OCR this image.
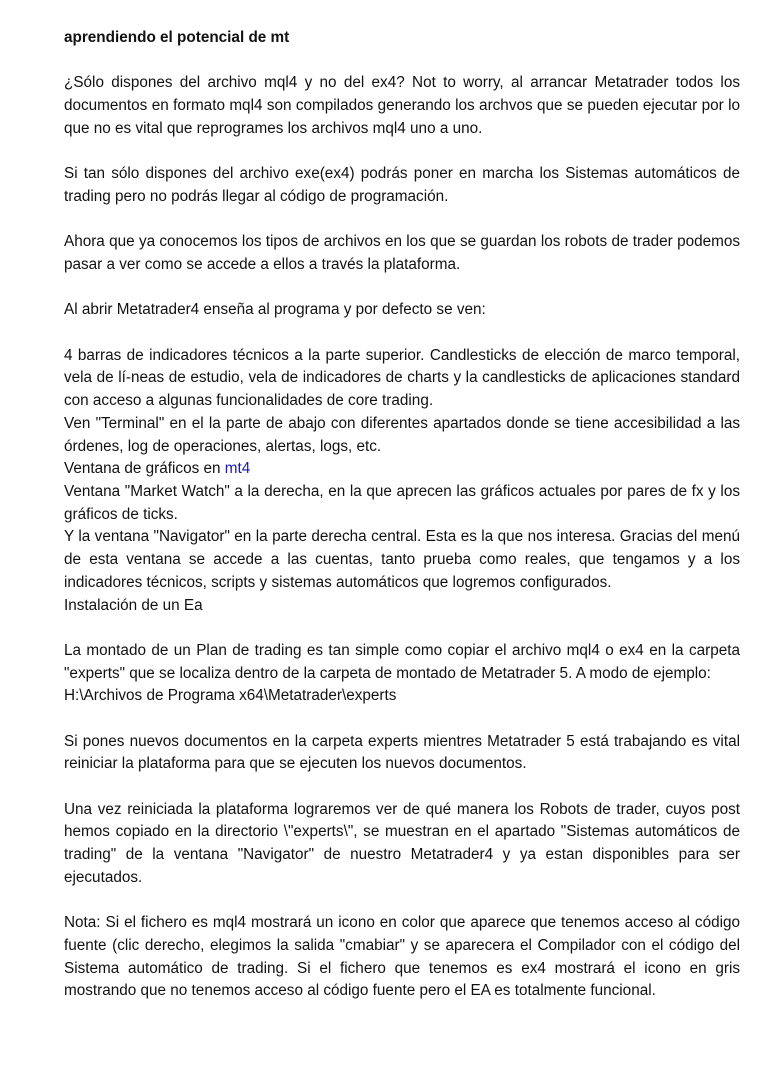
aprendiendo el potencial de mt

¿Sólo dispones del archivo mql4 y no del ex4? Not to worry, al arrancar Metatrader todos los documentos en formato mql4 son compilados generando los archvos que se pueden ejecutar por lo que no es vital que reprogrames los archivos mql4 uno a uno.

Si tan sólo dispones del archivo exe(ex4) podrás poner en marcha los Sistemas automáticos de trading pero no podrás llegar al código de programación.

Ahora que ya conocemos los tipos de archivos en los que se guardan los robots de trader podemos pasar a ver como se accede a ellos a través la plataforma.

Al abrir Metatrader4 enseña al programa y por defecto se ven:

4 barras de indicadores técnicos a la parte superior. Candlesticks de elección de marco temporal, vela de lí-neas de estudio, vela de indicadores de charts y la candlesticks de aplicaciones standard con acceso a algunas funcionalidades de core trading.

Ven "Terminal" en el la parte de abajo con diferentes apartados donde se tiene accesibilidad a las órdenes, log de operaciones, alertas, logs, etc.

Ventana de gráficos en mt4

Ventana "Market Watch" a la derecha, en la que aprecen las gráficos actuales por pares de fx y los gráficos de ticks.

Y la ventana "Navigator" en la parte derecha central. Esta es la que nos interesa. Gracias del menú de esta ventana se accede a las cuentas, tanto prueba como reales, que tengamos y a los indicadores técnicos, scripts y sistemas automáticos que logremos configurados.

Instalación de un Ea

La montado de un Plan de trading es tan simple como copiar el archivo mql4 o ex4 en la carpeta "experts" que se localiza dentro de la carpeta de montado de Metatrader 5. A modo de ejemplo:
H:\Archivos de Programa x64\Metatrader\experts

Si pones nuevos documentos en la carpeta experts mientres Metatrader 5 está trabajando es vital reiniciar la plataforma para que se ejecuten los nuevos documentos.

Una vez reiniciada la plataforma lograremos ver de qué manera los Robots de trader, cuyos post hemos copiado en la directorio \"experts\", se muestran en el apartado "Sistemas automáticos de trading" de la ventana "Navigator" de nuestro Metatrader4 y ya estan disponibles para ser ejecutados.

Nota: Si el fichero es mql4 mostrará un icono en color que aparece que tenemos acceso al código fuente (clic derecho, elegimos la salida "cmabiar" y se aparecera el Compilador con el código del Sistema automático de trading. Si el fichero que tenemos es ex4 mostrará el icono en gris mostrando que no tenemos acceso al código fuente pero el EA es totalmente funcional.
